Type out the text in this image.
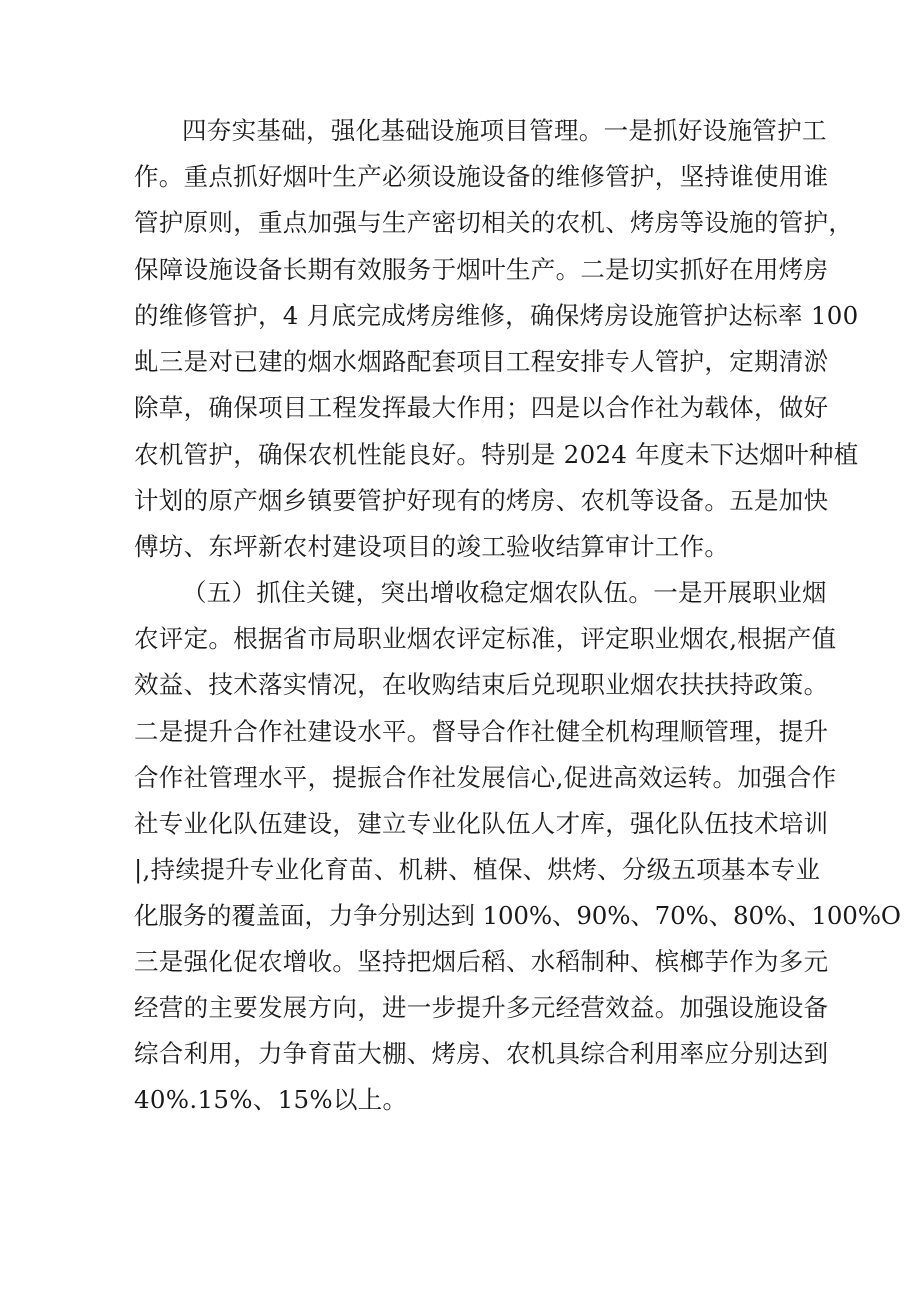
四夯实基础，强化基础设施项目管理。一是抓好设施管护工
作。重点抓好烟叶生产必须设施设备的维修管护，坚持谁使用谁
管护原则，重点加强与生产密切相关的农机、烤房等设施的管护，
保障设施设备长期有效服务于烟叶生产。二是切实抓好在用烤房
的维修管护，4 月底完成烤房维修，确保烤房设施管护达标率 100
虬三是对已建的烟水烟路配套项目工程安排专人管护，定期清淤
除草，确保项目工程发挥最大作用；四是以合作社为载体，做好
农机管护，确保农机性能良好。特别是 2024 年度未下达烟叶种植
计划的原产烟乡镇要管护好现有的烤房、农机等设备。五是加快
傅坊、东坪新农村建设项目的竣工验收结算审计工作。
（五）抓住关键，突出增收稳定烟农队伍。一是开展职业烟
农评定。根据省市局职业烟农评定标准，评定职业烟农,根据产值
效益、技术落实情况，在收购结束后兑现职业烟农扶扶持政策。
二是提升合作社建设水平。督导合作社健全机构理顺管理，提升
合作社管理水平，提振合作社发展信心,促进高效运转。加强合作
社专业化队伍建设，建立专业化队伍人才库，强化队伍技术培训
|,持续提升专业化育苗、机耕、植保、烘烤、分级五项基本专业
化服务的覆盖面，力争分别达到 100%、90%、70%、80%、100%O
三是强化促农增收。坚持把烟后稻、水稻制种、槟榔芋作为多元
经营的主要发展方向，进一步提升多元经营效益。加强设施设备
综合利用，力争育苗大棚、烤房、农机具综合利用率应分别达到
40%.15%、15%以上。
